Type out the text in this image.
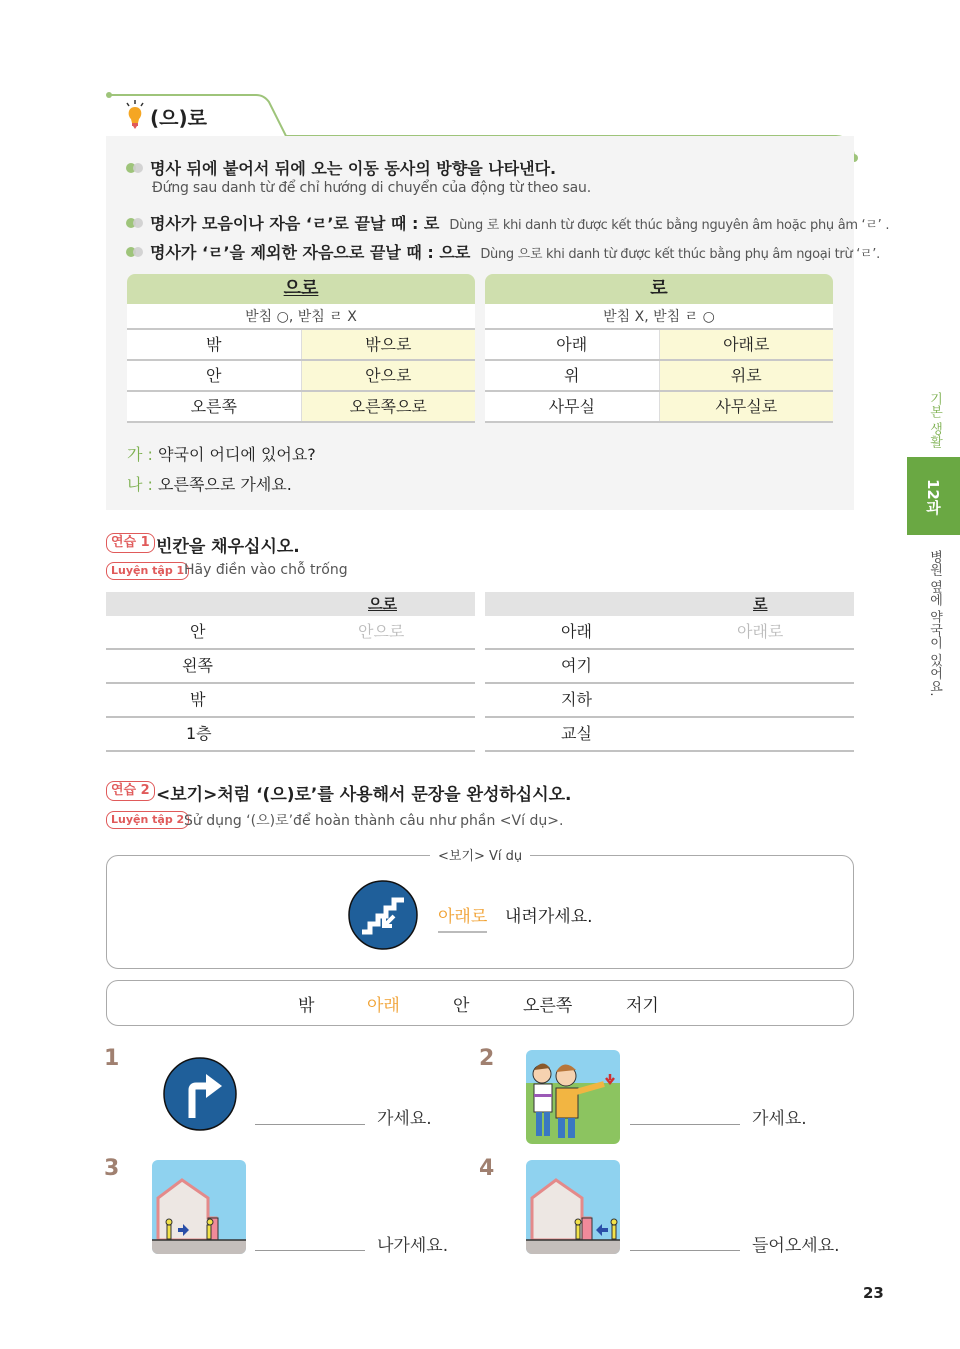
(으)로
명사 뒤에 붙어서 뒤에 오는 이동 동사의 방향을 나타낸다.
Đứng sau danh từ để chỉ hướng di chuyển của động từ theo sau.
명사가 모음이나 자음 ‘ㄹ’로 끝날 때 : 로 Dùng 로 khi danh từ được kết thúc bằng nguyên âm hoặc phụ âm ‘ㄹ’ .
명사가 ‘ㄹ’을 제외한 자음으로 끝날 때 : 으로 Dùng 으로 khi danh từ được kết thúc bằng phụ âm ngoại trừ ‘ㄹ’.
으로
받침 ○, 받침 ㄹ X
밖	밖으로
안	안으로
오른쪽	오른쪽으로
로
받침 X, 받침 ㄹ ○
아래	아래로
위	위로
사무실	사무실로
가 : 약국이 어디에 있어요?
나 : 오른쪽으로 가세요.
연습 1 빈칸을 채우십시오.
Luyện tập 1 Hãy điền vào chỗ trống
으로
안	안으로
왼쪽
밖
1층
로
아래	아래로
여기
지하
교실
연습 2 <보기>처럼 ‘(으)로’를 사용해서 문장을 완성하십시오.
Luyện tập 2 Sử dụng ‘(으)로’để hoàn thành câu như phần <Ví dụ>.
<보기> Ví dụ
아래로 내려가세요.
밖	아래	안	오른쪽	저기
1
가세요.
2
가세요.
3
나가세요.
4
들어오세요.
기본 생활
12과
병원 옆에 약국이 있어요.
23
